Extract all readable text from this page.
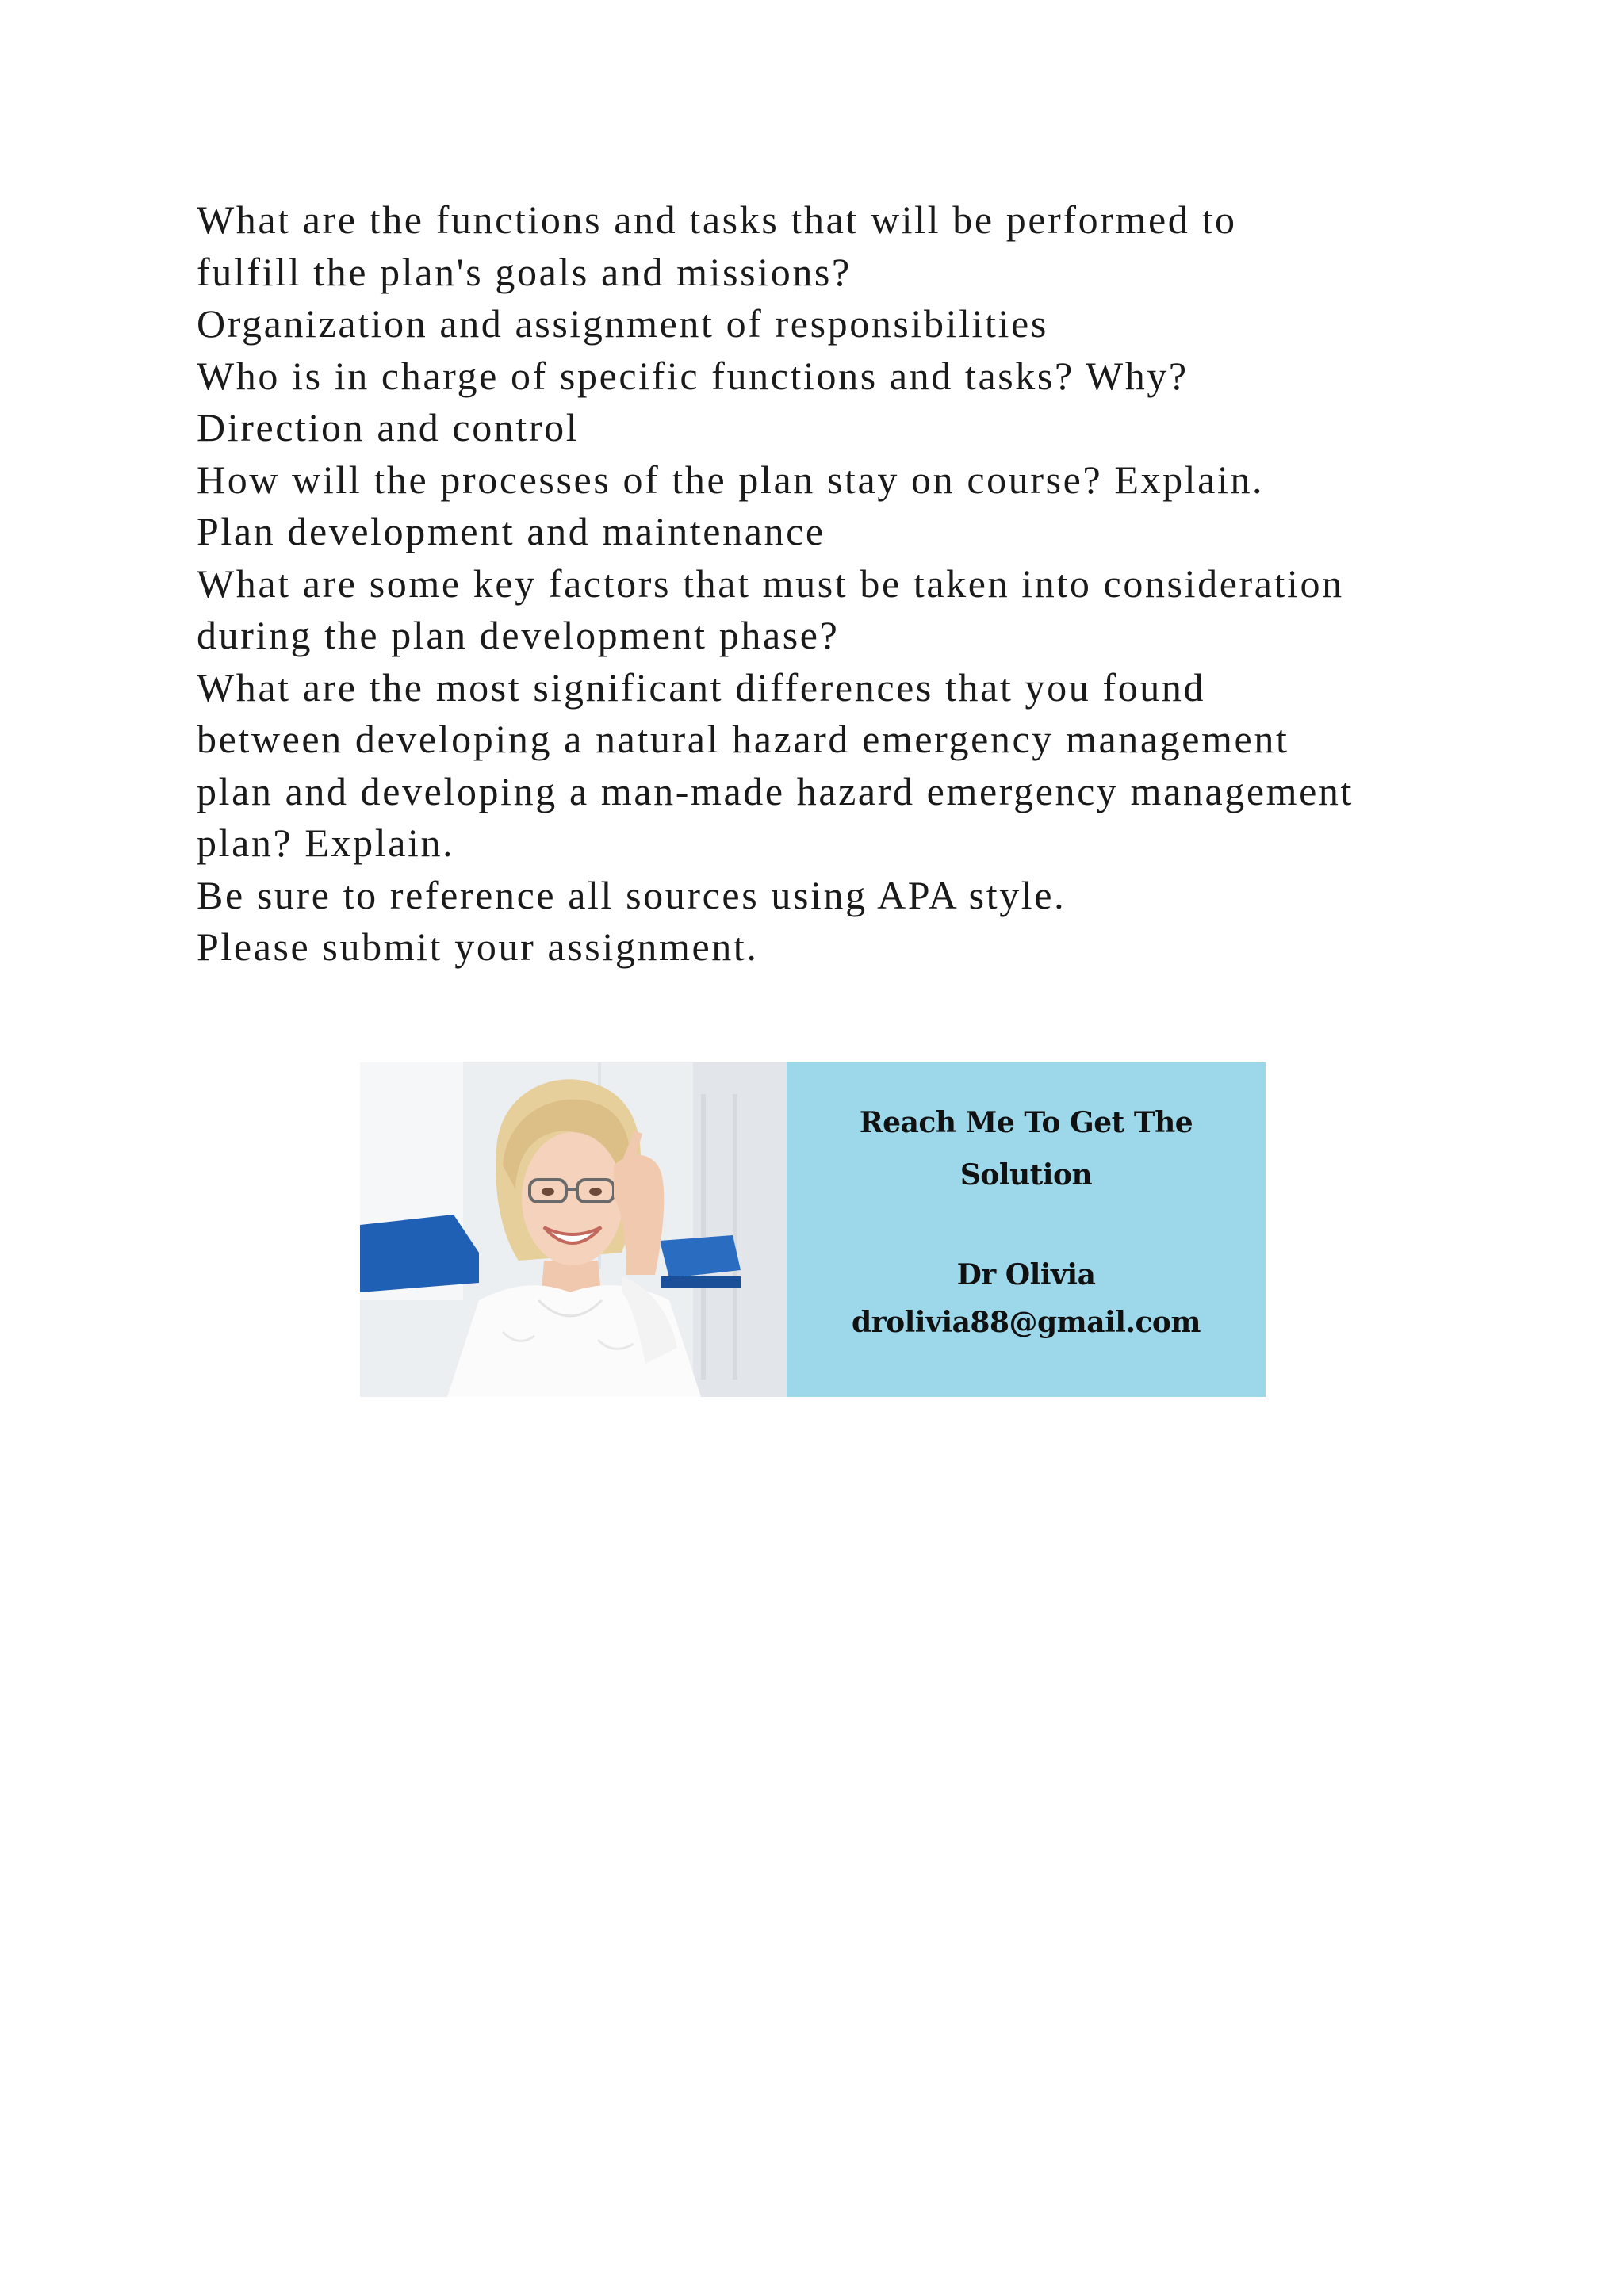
What are the functions and tasks that will be performed to
fulfill the plan's goals and missions?
Organization and assignment of responsibilities
Who is in charge of specific functions and tasks? Why?
Direction and control
How will the processes of the plan stay on course? Explain.
Plan development and maintenance
What are some key factors that must be taken into consideration
during the plan development phase?
What are the most significant differences that you found
between developing a natural hazard emergency management
plan and developing a man-made hazard emergency management
plan? Explain.
Be sure to reference all sources using APA style.
Please submit your assignment.
Reach Me To Get The
Solution
Dr Olivia
drolivia88@gmail.com
